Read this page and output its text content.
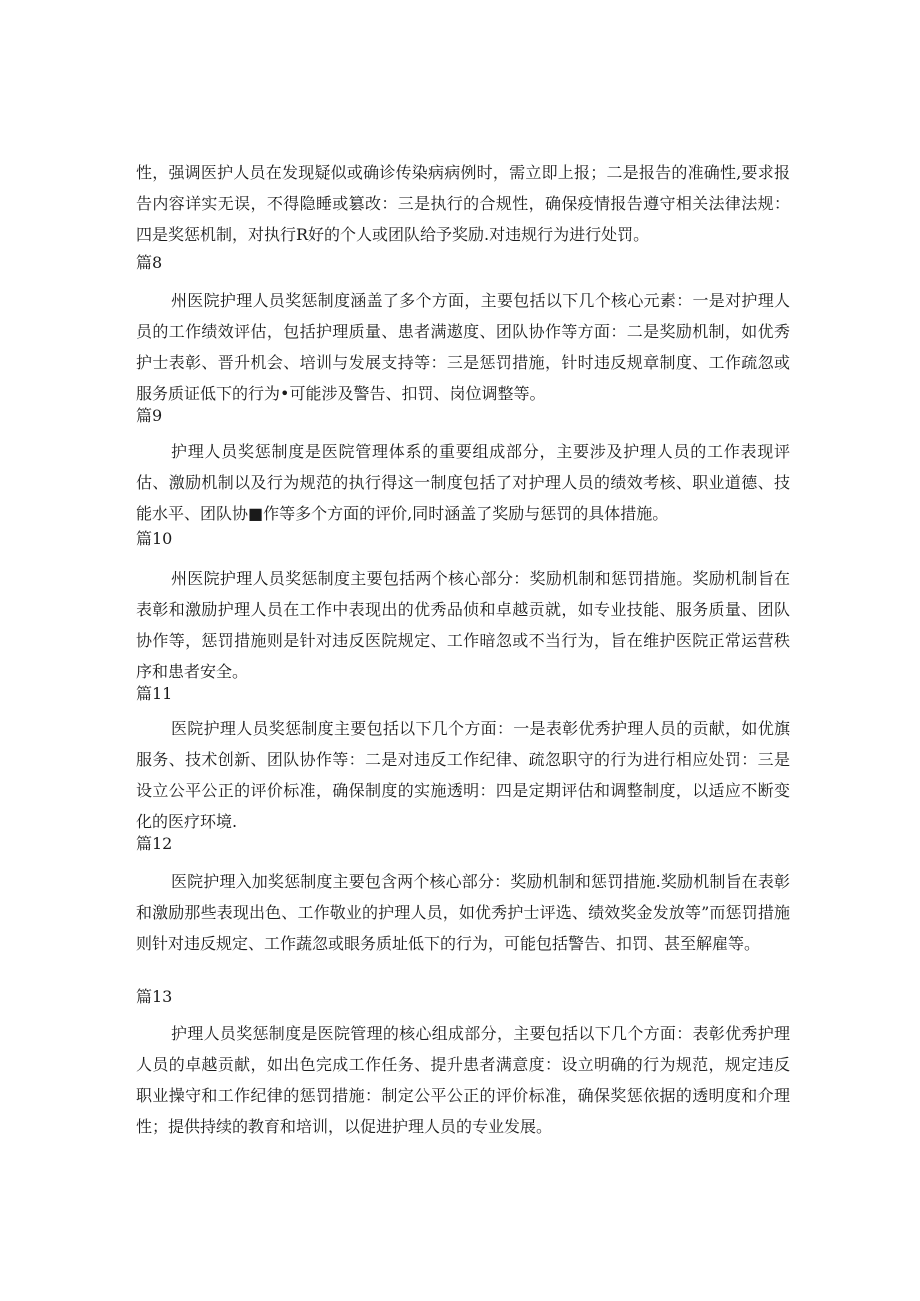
性，强调医护人员在发现疑似或确诊传染病病例时，需立即上报；二是报告的准确性,要求报告内容详实无误，不得隐睡或篡改：三是执行的合规性，确保疫情报告遵守相关法律法规：四是奖惩机制，对执行R好的个人或团队给予奖励.对违规行为进行处罚。

篇8

州医院护理人员奖惩制度涵盖了多个方面，主要包括以下几个核心元素：一是对护理人员的工作绩效评估，包括护理质量、患者满遨度、团队协作等方面：二是奖励机制，如优秀护士表彰、晋升机会、培训与发展支持等：三是惩罚措施，针时违反规章制度、工作疏忽或服务质证低下的行为•可能涉及警告、扣罚、岗位调整等。

篇9

护理人员奖惩制度是医院管理体系的重要组成部分，主要涉及护理人员的工作表现评估、激励机制以及行为规范的执行得这一制度包括了对护理人员的绩效考核、职业道德、技能水平、团队协■作等多个方面的评价,同时涵盖了奖励与惩罚的具体措施。

篇10

州医院护理人员奖惩制度主要包括两个核心部分：奖励机制和惩罚措施。奖励机制旨在表彰和激励护理人员在工作中表现出的优秀品侦和卓越贡就，如专业技能、服务质量、团队协作等，惩罚措施则是针对违反医院规定、工作暗忽或不当行为，旨在维护医院正常运营秩序和患者安全。

篇11

医院护理人员奖惩制度主要包括以下几个方面：一是表彰优秀护理人员的贡献，如优旗服务、技术创新、团队协作等：二是对违反工作纪律、疏忽职守的行为进行相应处罚：三是设立公平公正的评价标准，确保制度的实施透明：四是定期评估和调整制度，以适应不断变化的医疗环境.

篇12

医院护理入加奖惩制度主要包含两个核心部分：奖励机制和惩罚措施.奖励机制旨在表彰和激励那些表现出色、工作敬业的护理人员，如优秀护士评选、绩效奖金发放等”而惩罚措施则针对违反规定、工作蔬忽或眼务质址低下的行为，可能包括警告、扣罚、甚至解雇等。

篇13

护理人员奖惩制度是医院管理的核心组成部分，主要包括以下几个方面：表彰优秀护理人员的卓越贡献，如出色完成工作任务、提升患者满意度：设立明确的行为规范，规定违反职业操守和工作纪律的惩罚措施：制定公平公正的评价标准，确保奖惩依据的透明度和介理性；提供持续的教育和培训，以促进护理人员的专业发展。
